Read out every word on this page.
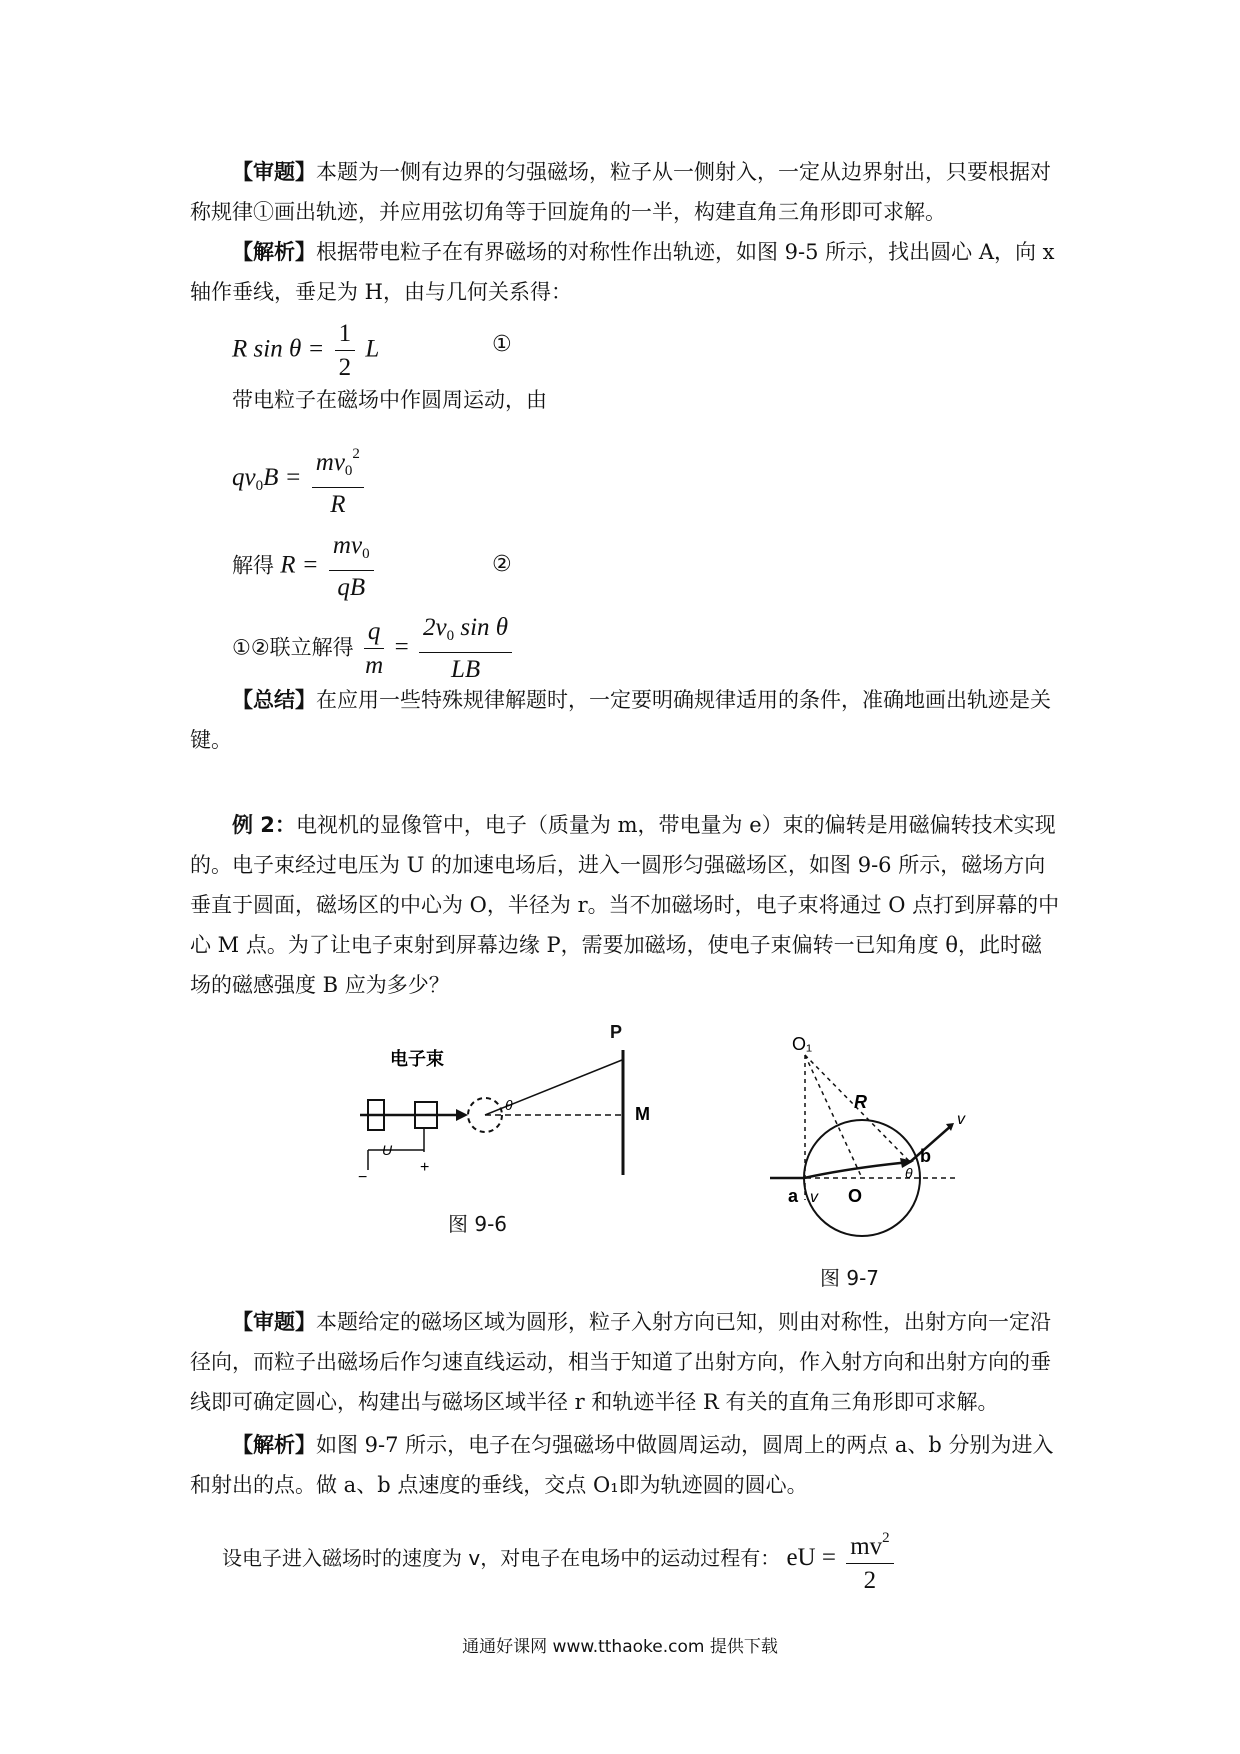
【审题】本题为一侧有边界的匀强磁场，粒子从一侧射入，一定从边界射出，只要根据对称规律①画出轨迹，并应用弦切角等于回旋角的一半，构建直角三角形即可求解。
【解析】根据带电粒子在有界磁场的对称性作出轨迹，如图 9-5 所示，找出圆心 A，向 x 轴作垂线，垂足为 H，由与几何关系得：
R $\sin \theta = \frac{1}{2}$ L	①
带电粒子在磁场中作圆周运动，由
$qv_0B = \frac{mv_0^2}{R}$
解得 $R = \frac{mv_0}{qB}$	②
①②联立解得 $\frac{q}{m} = \frac{2v_0 \sin \theta}{LB}$
【总结】在应用一些特殊规律解题时，一定要明确规律适用的条件，准确地画出轨迹是关键。
例 2：电视机的显像管中，电子（质量为 m，带电量为 e）束的偏转是用磁偏转技术实现的。电子束经过电压为 U 的加速电场后，进入一圆形匀强磁场区，如图 9-6 所示，磁场方向垂直于圆面，磁场区的中心为 O，半径为 r。当不加磁场时，电子束将通过 O 点打到屏幕的中心 M 点。为了让电子束射到屏幕边缘 P，需要加磁场，使电子束偏转一已知角度 θ，此时磁场的磁感强度 B 应为多少？
θ	M
电子束
U
−
+
P
图 9-6
O₁
R
v
b
θ
a v O
图 9-7
【审题】本题给定的磁场区域为圆形，粒子入射方向已知，则由对称性，出射方向一定沿径向，而粒子出磁场后作匀速直线运动，相当于知道了出射方向，作入射方向和出射方向的垂线即可确定圆心，构建出与磁场区域半径 r 和轨迹半径 R 有关的直角三角形即可求解。
【解析】如图 9-7 所示，电子在匀强磁场中做圆周运动，圆周上的两点 a、b 分别为进入和射出的点。做 a、b 点速度的垂线，交点 O₁即为轨迹圆的圆心。
设电子进入磁场时的速度为 v，对电子在电场中的运动过程有： eU = $\frac{mv^2}{2}$
通通好课网 www.tthaoke.com 提供下载
